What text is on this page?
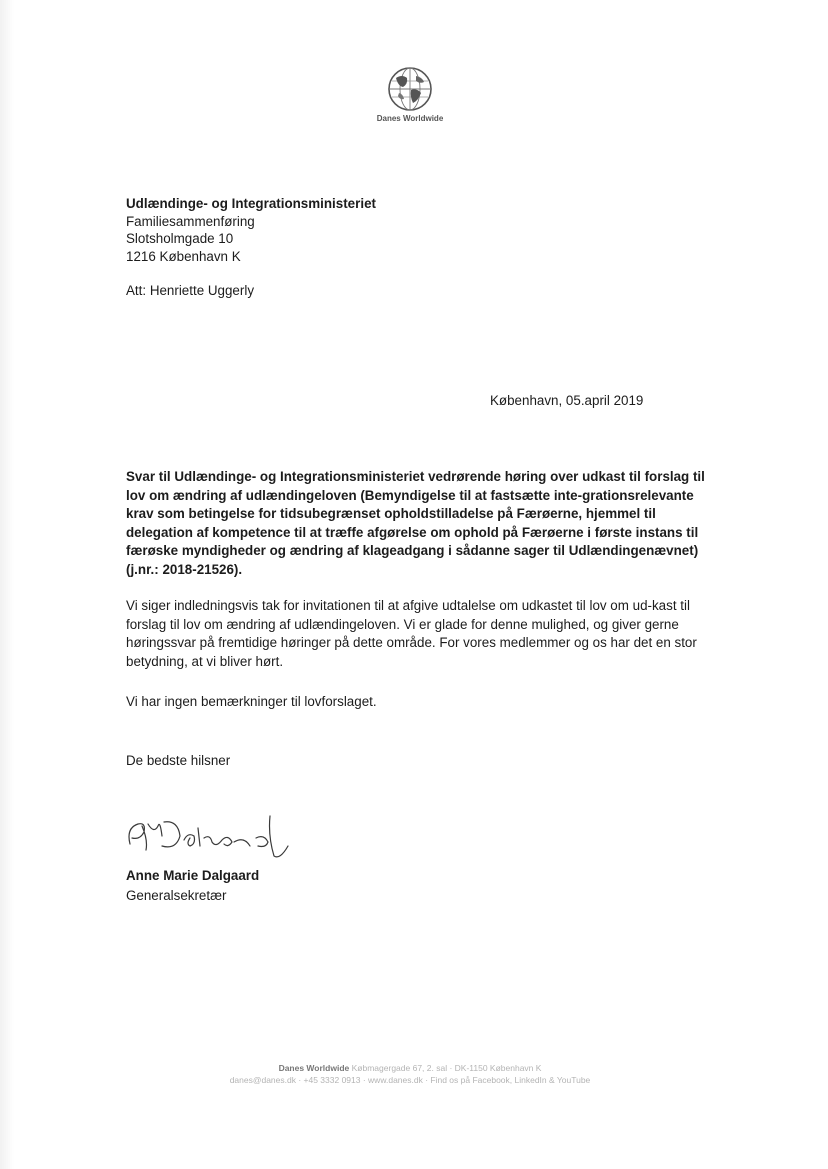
Danes Worldwide
Udlændinge- og Integrationsministeriet
Familiesammenføring
Slotsholmgade 10
1216 København K
Att: Henriette Uggerly
København, 05.april 2019
Svar til Udlændinge- og Integrationsministeriet vedrørende høring over udkast til forslag til lov om ændring af udlændingeloven (Bemyndigelse til at fastsætte inte-grationsrelevante krav som betingelse for tidsubegrænset opholdstilladelse på Færøerne, hjemmel til delegation af kompetence til at træffe afgørelse om ophold på Færøerne i første instans til færøske myndigheder og ændring af klageadgang i sådanne sager til Udlændingenævnet) (j.nr.: 2018-21526).
Vi siger indledningsvis tak for invitationen til at afgive udtalelse om udkastet til lov om ud-kast til forslag til lov om ændring af udlændingeloven. Vi er glade for denne mulighed, og giver gerne høringssvar på fremtidige høringer på dette område. For vores medlemmer og os har det en stor betydning, at vi bliver hørt.
Vi har ingen bemærkninger til lovforslaget.
De bedste hilsner
Anne Marie Dalgaard
Generalsekretær
Danes Worldwide Købmagergade 67, 2. sal · DK-1150 København K
danes@danes.dk · +45 3332 0913 · www.danes.dk · Find os på Facebook, LinkedIn & YouTube
